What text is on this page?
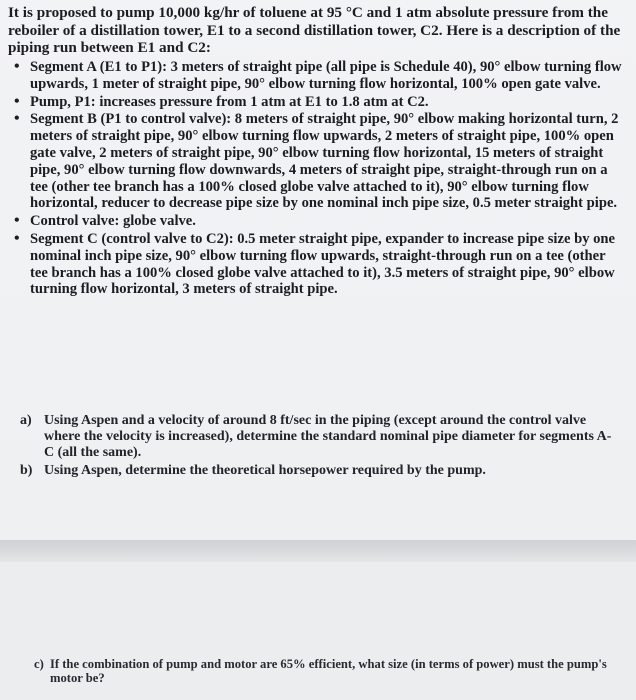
It is proposed to pump 10,000 kg/hr of toluene at 95 °C and 1 atm absolute pressure from the reboiler of a distillation tower, E1 to a second distillation tower, C2. Here is a description of the piping run between E1 and C2:
• Segment A (E1 to P1): 3 meters of straight pipe (all pipe is Schedule 40), 90° elbow turning flow upwards, 1 meter of straight pipe, 90° elbow turning flow horizontal, 100% open gate valve.
• Pump, P1: increases pressure from 1 atm at E1 to 1.8 atm at C2.
• Segment B (P1 to control valve): 8 meters of straight pipe, 90° elbow making horizontal turn, 2 meters of straight pipe, 90° elbow turning flow upwards, 2 meters of straight pipe, 100% open gate valve, 2 meters of straight pipe, 90° elbow turning flow horizontal, 15 meters of straight pipe, 90° elbow turning flow downwards, 4 meters of straight pipe, straight-through run on a tee (other tee branch has a 100% closed globe valve attached to it), 90° elbow turning flow horizontal, reducer to decrease pipe size by one nominal inch pipe size, 0.5 meter straight pipe.
• Control valve: globe valve.
• Segment C (control valve to C2): 0.5 meter straight pipe, expander to increase pipe size by one nominal inch pipe size, 90° elbow turning flow upwards, straight-through run on a tee (other tee branch has a 100% closed globe valve attached to it), 3.5 meters of straight pipe, 90° elbow turning flow horizontal, 3 meters of straight pipe.
a) Using Aspen and a velocity of around 8 ft/sec in the piping (except around the control valve where the velocity is increased), determine the standard nominal pipe diameter for segments A-C (all the same).
b) Using Aspen, determine the theoretical horsepower required by the pump.
c) If the combination of pump and motor are 65% efficient, what size (in terms of power) must the pump's motor be?
